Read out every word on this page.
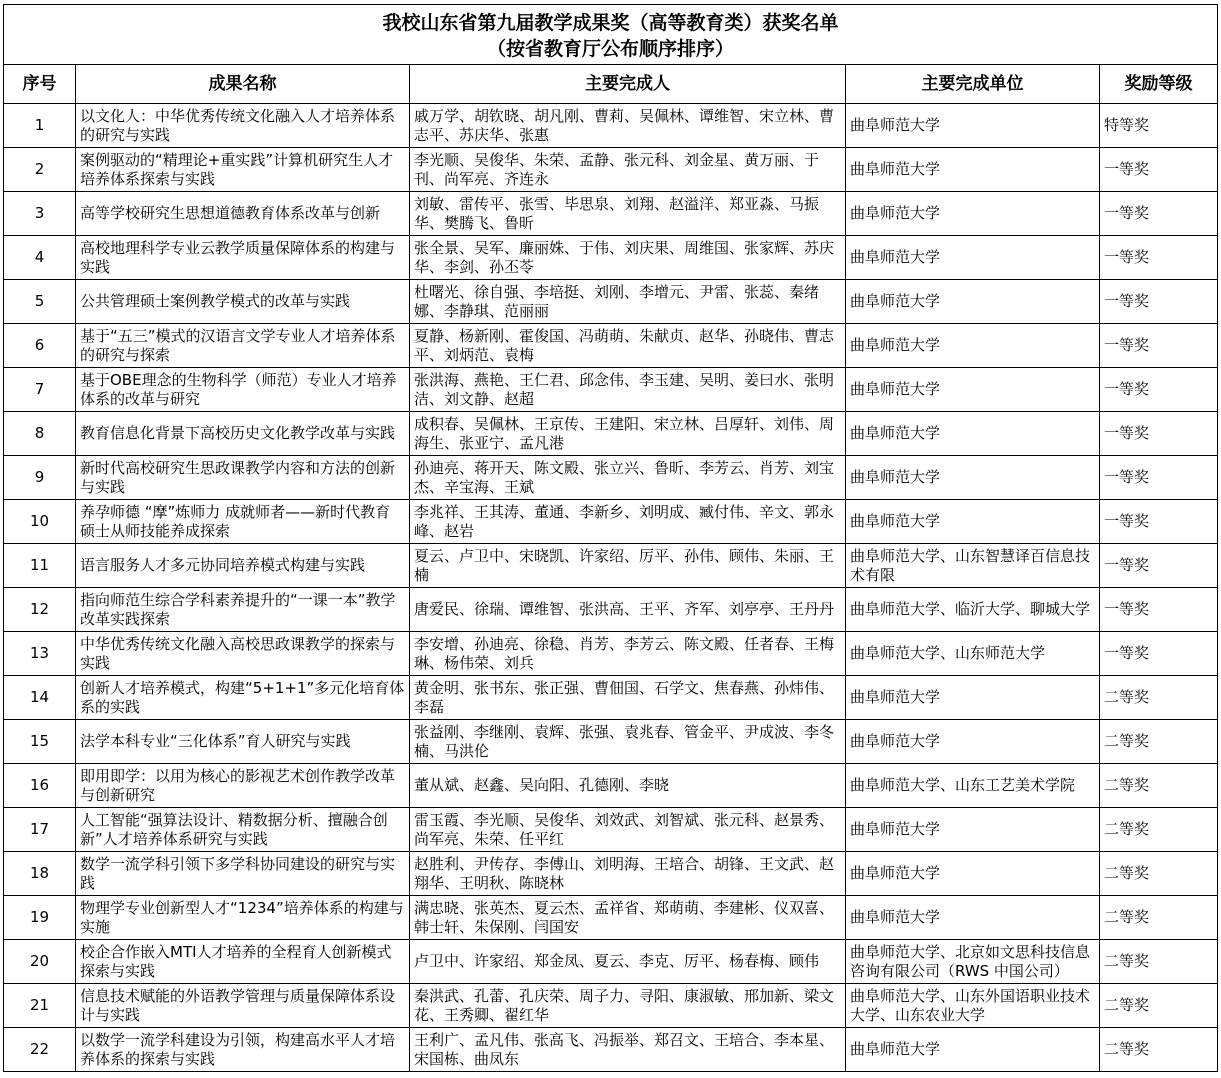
我校山东省第九届教学成果奖（高等教育类）获奖名单
（按省教育厅公布顺序排序）				

序号	成果名称	主要完成人	主要完成单位	奖励等级
1	以文化人：中华优秀传统文化融入人才培养体系的研究与实践	戚万学、胡钦晓、胡凡刚、曹莉、吴佩林、谭维智、宋立林、曹志平、苏庆华、张惠	曲阜师范大学	特等奖
2	案例驱动的“精理论+重实践”计算机研究生人才培养体系探索与实践	李光顺、吴俊华、朱荣、孟静、张元科、刘金星、黄万丽、于刊、尚军亮、齐连永	曲阜师范大学	一等奖
3	高等学校研究生思想道德教育体系改革与创新	刘敏、雷传平、张雪、毕思泉、刘翔、赵溢洋、郑亚淼、马振华、樊腾飞、鲁昕	曲阜师范大学	一等奖
4	高校地理科学专业云教学质量保障体系的构建与实践	张全景、吴军、廉丽姝、于伟、刘庆果、周维国、张家辉、苏庆华、李剑、孙丕苓	曲阜师范大学	一等奖
5	公共管理硕士案例教学模式的改革与实践	杜曙光、徐自强、李培挺、刘刚、李增元、尹雷、张蕊、秦绪娜、李静琪、范丽丽	曲阜师范大学	一等奖
6	基于“五三”模式的汉语言文学专业人才培养体系的研究与探索	夏静、杨新刚、霍俊国、冯萌萌、朱献贞、赵华、孙晓伟、曹志平、刘炳范、袁梅	曲阜师范大学	一等奖
7	基于OBE理念的生物科学（师范）专业人才培养体系的改革与研究	张洪海、燕艳、王仁君、邱念伟、李玉建、吴明、姜曰水、张明洁、刘文静、赵超	曲阜师范大学	一等奖
8	教育信息化背景下高校历史文化教学改革与实践	成积春、吴佩林、王京传、王建阳、宋立林、吕厚轩、刘伟、周海生、张亚宁、孟凡港	曲阜师范大学	一等奖
9	新时代高校研究生思政课教学内容和方法的创新与实践	孙迪亮、蒋开天、陈文殿、张立兴、鲁昕、李芳云、肖芳、刘宝杰、辛宝海、王斌	曲阜师范大学	一等奖
10	养孕师德 “摩”炼师力 成就师者——新时代教育硕士从师技能养成探索	李兆祥、王其涛、董通、李新乡、刘明成、臧付伟、辛文、郭永峰、赵岩	曲阜师范大学	一等奖
11	语言服务人才多元协同培养模式构建与实践	夏云、卢卫中、宋晓凯、许家绍、厉平、孙伟、顾伟、朱丽、王楠	曲阜师范大学、山东智慧译百信息技术有限	一等奖
12	指向师范生综合学科素养提升的“一课一本”教学改革实践探索	唐爱民、徐瑞、谭维智、张洪高、王平、齐军、刘亭亭、王丹丹	曲阜师范大学、临沂大学、聊城大学	一等奖
13	中华优秀传统文化融入高校思政课教学的探索与实践	李安增、孙迪亮、徐稳、肖芳、李芳云、陈文殿、任者春、王梅琳、杨伟荣、刘兵	曲阜师范大学、山东师范大学	一等奖
14	创新人才培养模式，构建“5+1+1”多元化培育体系的实践	黄金明、张书东、张正强、曹佃国、石学文、焦春燕、孙炜伟、李磊	曲阜师范大学	二等奖
15	法学本科专业“三化体系”育人研究与实践	张益刚、李继刚、袁辉、张强、袁兆春、管金平、尹成波、李冬楠、马洪伦	曲阜师范大学	二等奖
16	即用即学：以用为核心的影视艺术创作教学改革与创新研究	董从斌、赵鑫、吴向阳、孔德刚、李晓	曲阜师范大学、山东工艺美术学院	二等奖
17	人工智能“强算法设计、精数据分析、擅融合创新”人才培养体系研究与实践	雷玉霞、李光顺、吴俊华、刘效武、刘智斌、张元科、赵景秀、尚军亮、朱荣、任平红	曲阜师范大学	二等奖
18	数学一流学科引领下多学科协同建设的研究与实践	赵胜利、尹传存、李傅山、刘明海、王培合、胡锋、王文武、赵翔华、王明秋、陈晓林	曲阜师范大学	二等奖
19	物理学专业创新型人才“1234”培养体系的构建与实施	满忠晓、张英杰、夏云杰、孟祥省、郑萌萌、李建彬、仪双喜、韩士轩、朱保刚、闫国安	曲阜师范大学	二等奖
20	校企合作嵌入MTI人才培养的全程育人创新模式探索与实践	卢卫中、许家绍、郑金凤、夏云、李克、厉平、杨春梅、顾伟	曲阜师范大学、北京如文思科技信息咨询有限公司（RWS 中国公司）	二等奖
21	信息技术赋能的外语教学管理与质量保障体系设计与实践	秦洪武、孔蕾、孔庆荣、周子力、寻阳、康淑敏、邢加新、梁文花、王秀卿、翟红华	曲阜师范大学、山东外国语职业技术大学、山东农业大学	二等奖
22	以数学一流学科建设为引领，构建高水平人才培养体系的探索与实践	王利广、孟凡伟、张高飞、冯振举、郑召文、王培合、李本星、宋国栋、曲凤东	曲阜师范大学	二等奖
